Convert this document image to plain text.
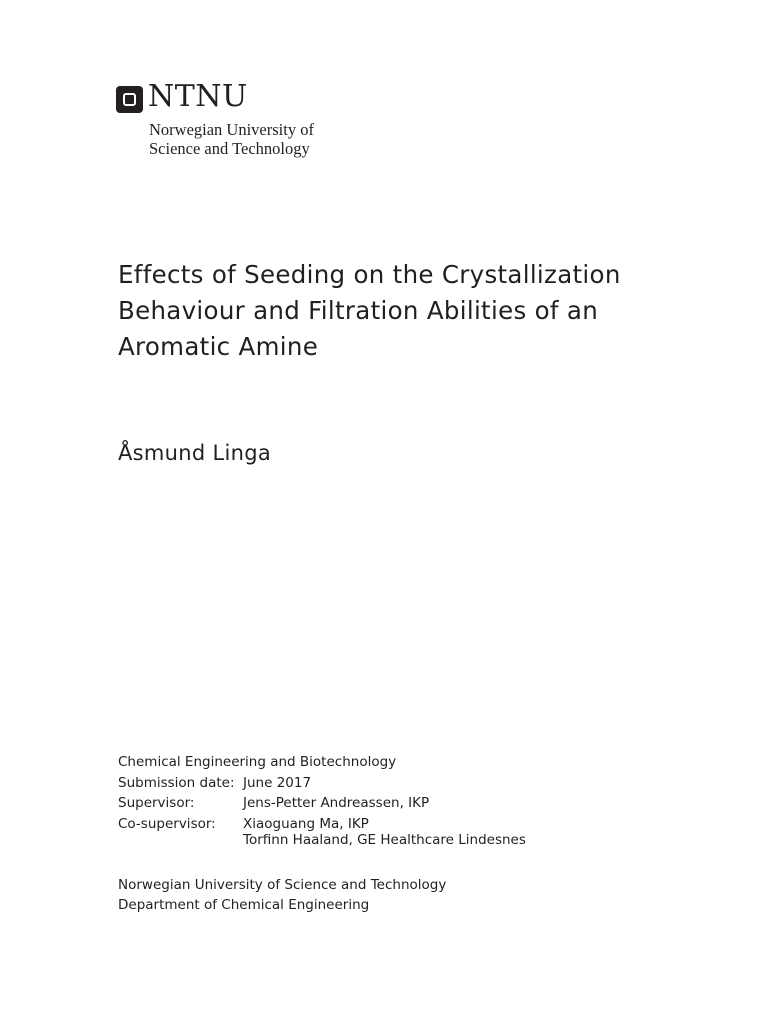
NTNU
Norwegian University of
Science and Technology
Effects of Seeding on the Crystallization
Behaviour and Filtration Abilities of an
Aromatic Amine
Åsmund Linga
Chemical Engineering and Biotechnology
Submission date: June 2017
Supervisor:	Jens-Petter Andreassen, IKP
Co-supervisor:	Xiaoguang Ma, IKP
Torfinn Haaland, GE Healthcare Lindesnes
Norwegian University of Science and Technology
Department of Chemical Engineering
